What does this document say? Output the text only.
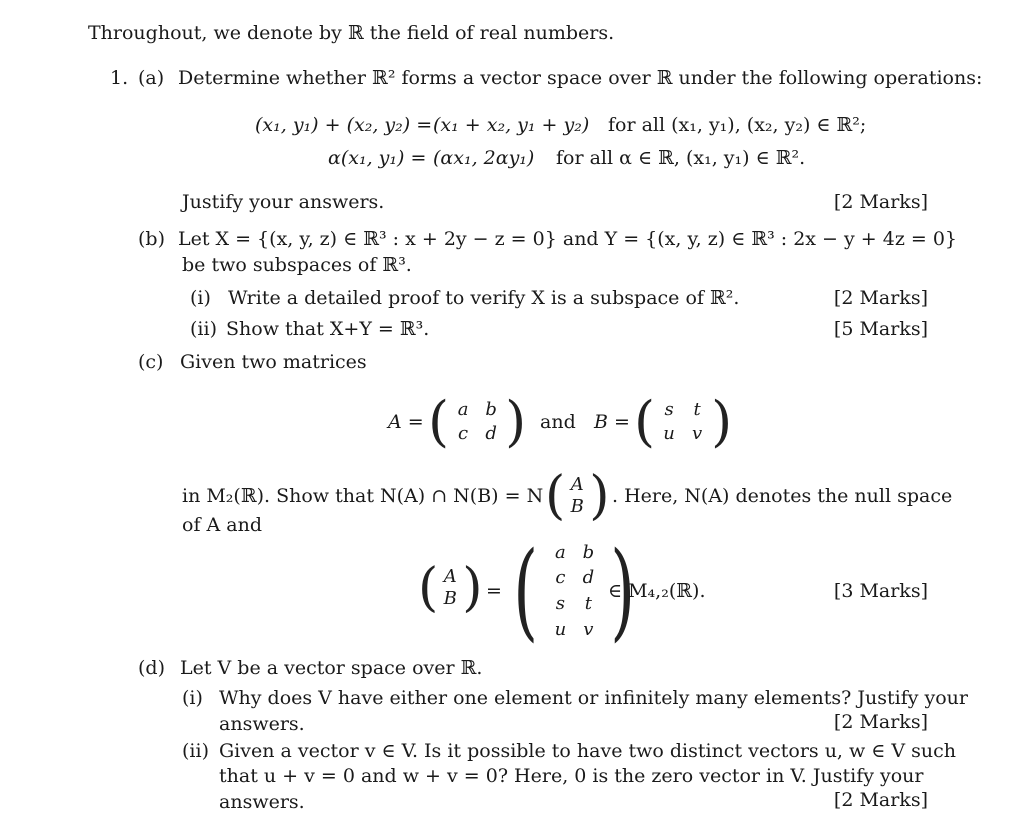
Throughout, we denote by ℝ the field of real numbers.
1. (a) Determine whether ℝ² forms a vector space over ℝ under the following operations:
(x₁, y₁) + (x₂, y₂) = (x₁ + x₂, y₁ + y₂) for all (x₁, y₁), (x₂, y₂) ∈ ℝ²;
α(x₁, y₁) = (αx₁, 2αy₁) for all α ∈ ℝ, (x₁, y₁) ∈ ℝ².
Justify your answers.	[2 Marks]
(b) Let X = {(x, y, z) ∈ ℝ³ : x + 2y − z = 0} and Y = {(x, y, z) ∈ ℝ³ : 2x − y + 4z = 0}
be two subspaces of ℝ³.
(i) Write a detailed proof to verify X is a subspace of ℝ².	[2 Marks]
(ii) Show that X+Y = ℝ³.	[5 Marks]
(c) Given two matrices
A = ( a b
c d ) and B = ( s	t
u v )
in M₂(ℝ). Show that N(A) ∩ N(B) = N ( A
B ) . Here, N(A) denotes the null space
of A and
( A
B ) = ( a b
c d
s	t
u v )
∈ M₄,₂(ℝ).	[3 Marks]
(d) Let V be a vector space over ℝ.
(i) Why does V have either one element or infinitely many elements? Justify your
answers.	[2 Marks]
(ii) Given a vector v ∈ V. Is it possible to have two distinct vectors u, w ∈ V such
that u + v = 0 and w + v = 0? Here, 0 is the zero vector in V. Justify your
answers.	[2 Marks]
